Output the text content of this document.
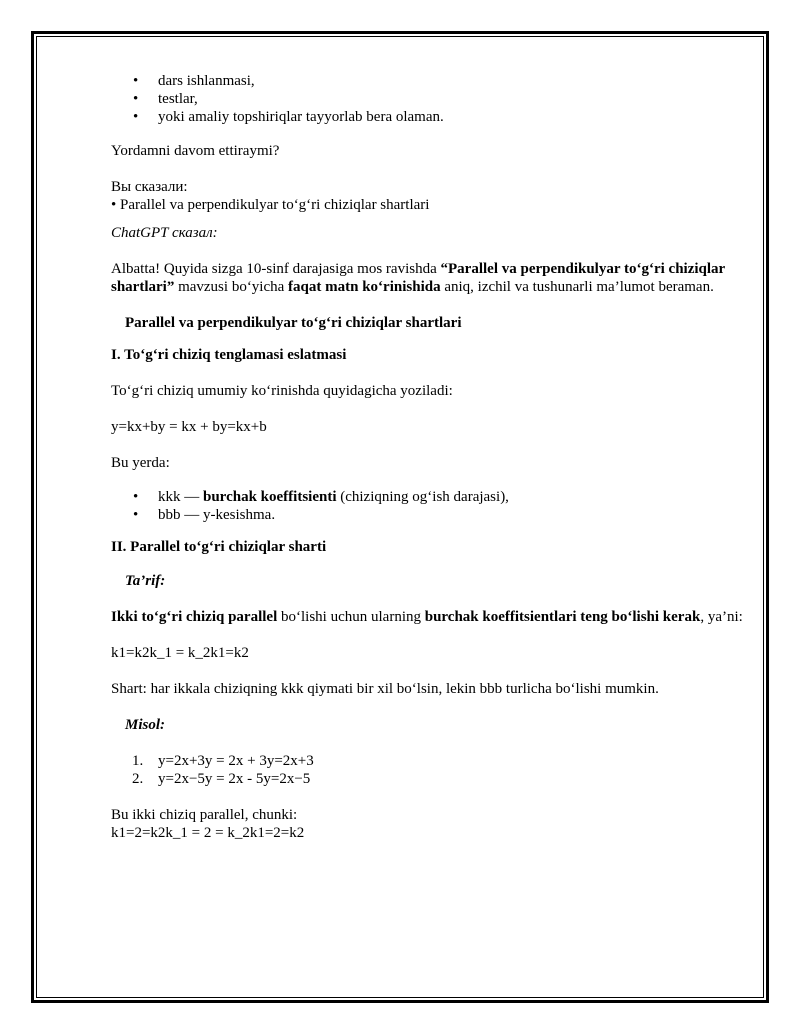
• dars ishlanmasi,
• testlar,
• yoki amaliy topshiriqlar tayyorlab bera olaman.

Yordamni davom ettiraymi?

Вы сказали:

• Parallel va perpendikulyar to‘g‘ri chiziqlar shartlari

ChatGPT сказал:

Albatta! Quyida sizga 10-sinf darajasiga mos ravishda “Parallel va perpendikulyar to‘g‘ri chiziqlar shartlari” mavzusi bo‘yicha faqat matn ko‘rinishida aniq, izchil va tushunarli ma’lumot beraman.

Parallel va perpendikulyar to‘g‘ri chiziqlar shartlari

I. To‘g‘ri chiziq tenglamasi eslatmasi

To‘g‘ri chiziq umumiy ko‘rinishda quyidagicha yoziladi:

y=kx+by = kx + by=kx+b

Bu yerda:

• kkk — burchak koeffitsienti (chiziqning og‘ish darajasi),
• bbb — y-kesishma.

II. Parallel to‘g‘ri chiziqlar sharti

Ta’rif:

Ikki to‘g‘ri chiziq parallel bo‘lishi uchun ularning burchak koeffitsientlari teng bo‘lishi kerak, ya’ni:

k1=k2k_1 = k_2k1=k2

Shart: har ikkala chiziqning kkk qiymati bir xil bo‘lsin, lekin bbb turlicha bo‘lishi mumkin.

Misol:

1. y=2x+3y = 2x + 3y=2x+3
2. y=2x−5y = 2x - 5y=2x−5

Bu ikki chiziq parallel, chunki:

k1=2=k2k_1 = 2 = k_2k1=2=k2
